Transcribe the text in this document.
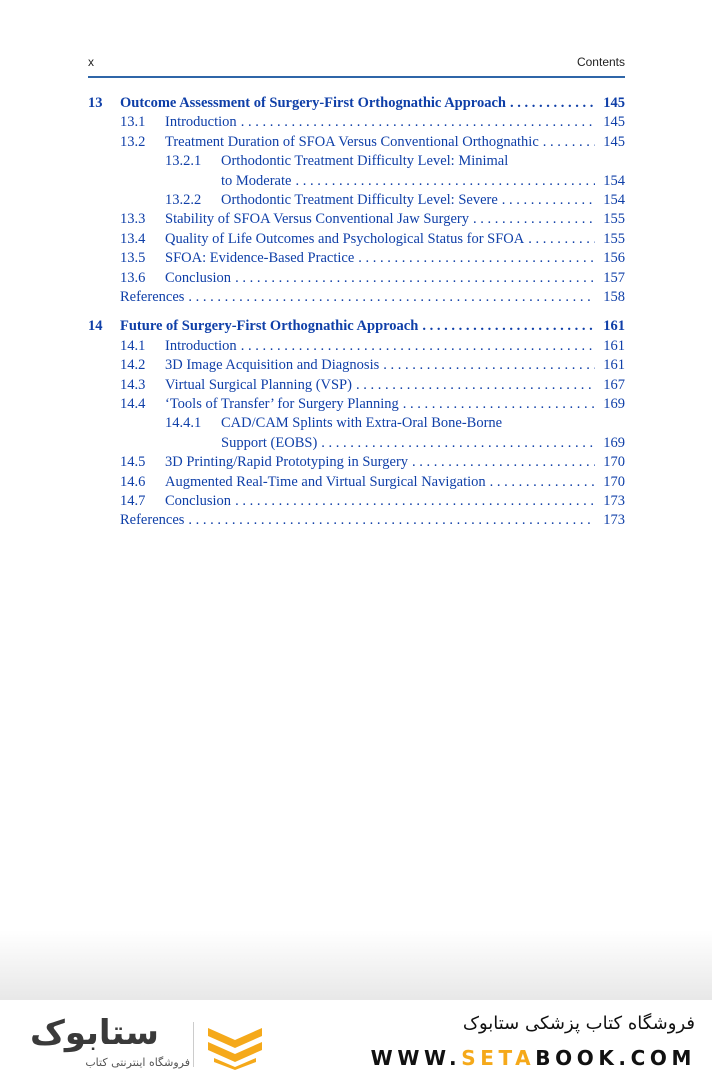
x	Contents
13 Outcome Assessment of Surgery-First Orthognathic Approach . . .	145
13.1 Introduction . . .	145
13.2 Treatment Duration of SFOA Versus Conventional Orthognathic . . .	145
13.2.1 Orthodontic Treatment Difficulty Level: Minimal
to Moderate . . .	154
13.2.2 Orthodontic Treatment Difficulty Level: Severe . . .	154
13.3 Stability of SFOA Versus Conventional Jaw Surgery . . .	155
13.4 Quality of Life Outcomes and Psychological Status for SFOA . . .	155
13.5 SFOA: Evidence-Based Practice . . .	156
13.6 Conclusion . . .	157
References . . .	158
14 Future of Surgery-First Orthognathic Approach . . .	161
14.1 Introduction . . .	161
14.2 3D Image Acquisition and Diagnosis . . .	161
14.3 Virtual Surgical Planning (VSP) . . .	167
14.4 ‘Tools of Transfer’ for Surgery Planning . . .	169
14.4.1 CAD/CAM Splints with Extra-Oral Bone-Borne
Support (EOBS) . . .	169
14.5 3D Printing/Rapid Prototyping in Surgery . . .	170
14.6 Augmented Real-Time and Virtual Surgical Navigation . . .	170
14.7 Conclusion . . .	173
References . . .	173
ستابوک
فروشگاه اینترنتی کتاب
فروشگاه کتاب پزشکی ستابوک
WWW.SETABOOK.COM
